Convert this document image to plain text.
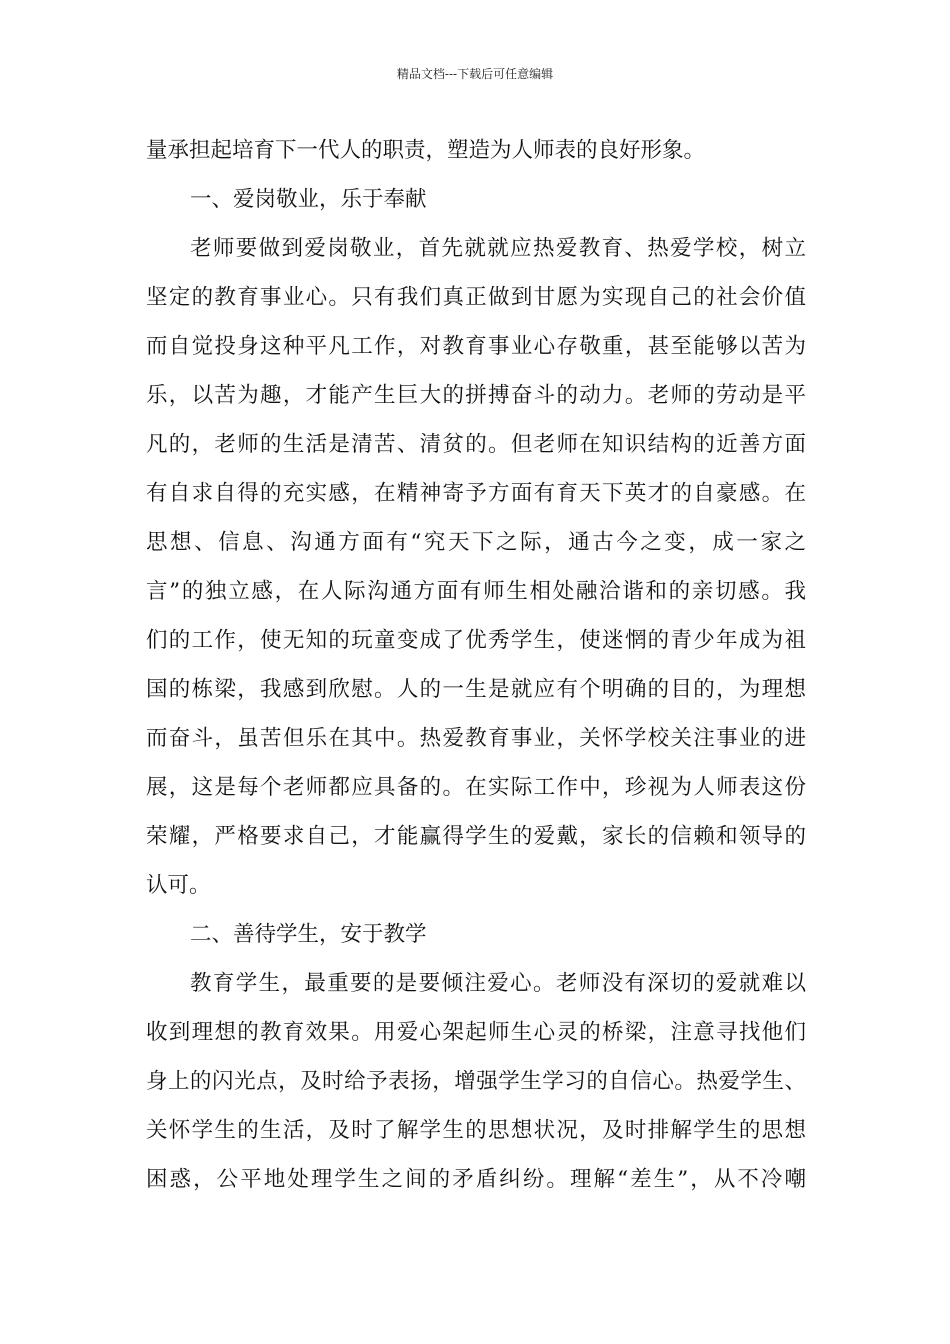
精品文档---下载后可任意编辑
量承担起培育下一代人的职责，塑造为人师表的良好形象。
一、爱岗敬业，乐于奉献
老师要做到爱岗敬业，首先就就应热爱教育、热爱学校，树立
坚定的教育事业心。只有我们真正做到甘愿为实现自己的社会价值
而自觉投身这种平凡工作，对教育事业心存敬重，甚至能够以苦为
乐，以苦为趣，才能产生巨大的拼搏奋斗的动力。老师的劳动是平
凡的，老师的生活是清苦、清贫的。但老师在知识结构的近善方面
有自求自得的充实感，在精神寄予方面有育天下英才的自豪感。在
思想、信息、沟通方面有“究天下之际，通古今之变，成一家之
言”的独立感，在人际沟通方面有师生相处融洽谐和的亲切感。我
们的工作，使无知的玩童变成了优秀学生，使迷惘的青少年成为祖
国的栋梁，我感到欣慰。人的一生是就应有个明确的目的，为理想
而奋斗，虽苦但乐在其中。热爱教育事业，关怀学校关注事业的进
展，这是每个老师都应具备的。在实际工作中，珍视为人师表这份
荣耀，严格要求自己，才能赢得学生的爱戴，家长的信赖和领导的
认可。
二、善待学生，安于教学
教育学生，最重要的是要倾注爱心。老师没有深切的爱就难以
收到理想的教育效果。用爱心架起师生心灵的桥梁，注意寻找他们
身上的闪光点，及时给予表扬，增强学生学习的自信心。热爱学生、
关怀学生的生活，及时了解学生的思想状况，及时排解学生的思想
困惑，公平地处理学生之间的矛盾纠纷。理解“差生”，从不冷嘲
